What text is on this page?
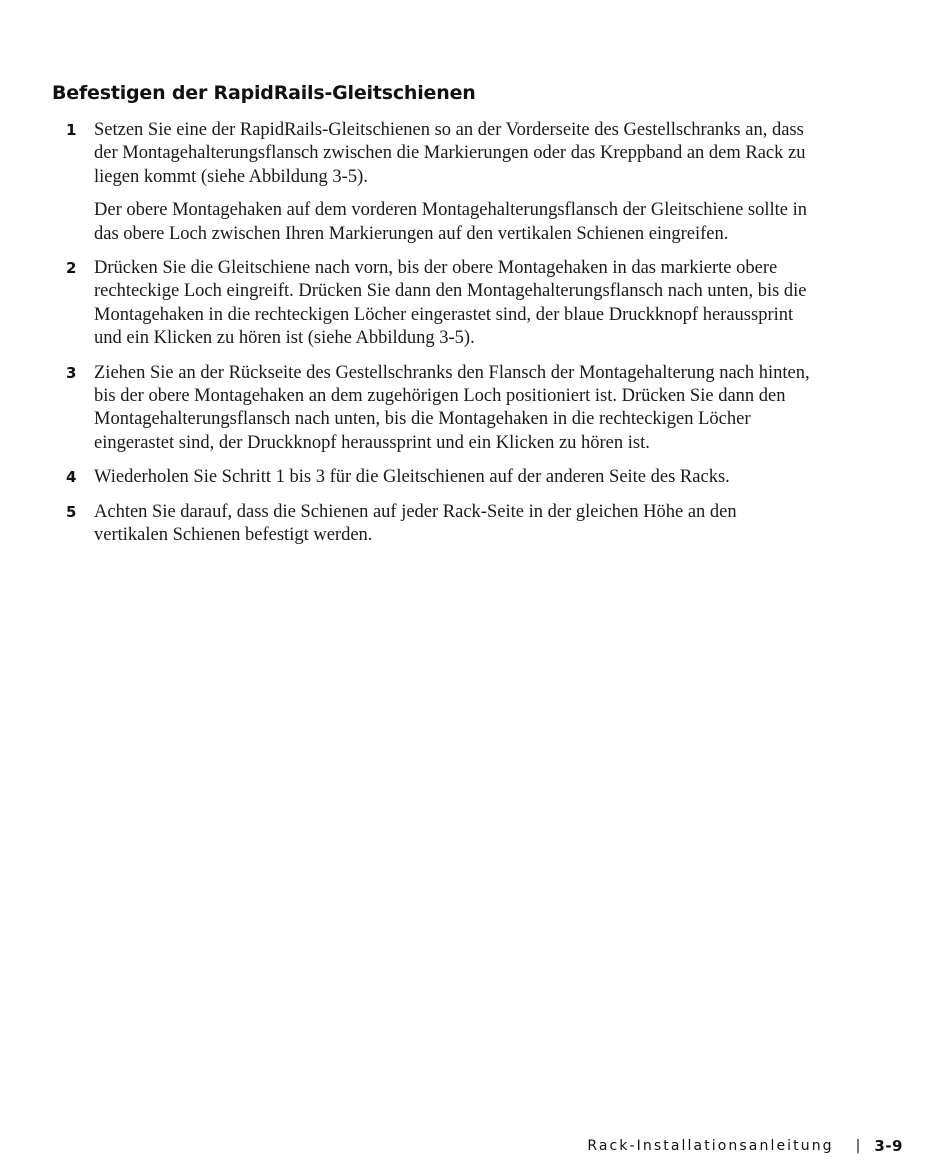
Befestigen der RapidRails-Gleitschienen
1 Setzen Sie eine der RapidRails-Gleitschienen so an der Vorderseite des Gestellschranks an, dass der Montagehalterungsflansch zwischen die Markierungen oder das Kreppband an dem Rack zu liegen kommt (siehe Abbildung 3-5).

Der obere Montagehaken auf dem vorderen Montagehalterungsflansch der Gleitschiene sollte in das obere Loch zwischen Ihren Markierungen auf den vertikalen Schienen eingreifen.

2 Drücken Sie die Gleitschiene nach vorn, bis der obere Montagehaken in das markierte obere rechteckige Loch eingreift. Drücken Sie dann den Montagehalterungsflansch nach unten, bis die Montagehaken in die rechteckigen Löcher eingerastet sind, der blaue Druckknopf heraussprint und ein Klicken zu hören ist (siehe Abbildung 3-5).

3 Ziehen Sie an der Rückseite des Gestellschranks den Flansch der Montagehalterung nach hinten, bis der obere Montagehaken an dem zugehörigen Loch positioniert ist. Drücken Sie dann den Montagehalterungsflansch nach unten, bis die Montagehaken in die rechteckigen Löcher eingerastet sind, der Druckknopf heraussprint und ein Klicken zu hören ist.

4 Wiederholen Sie Schritt 1 bis 3 für die Gleitschienen auf der anderen Seite des Racks.

5 Achten Sie darauf, dass die Schienen auf jeder Rack-Seite in der gleichen Höhe an den vertikalen Schienen befestigt werden.

Rack-Installationsanleitung | 3-9
